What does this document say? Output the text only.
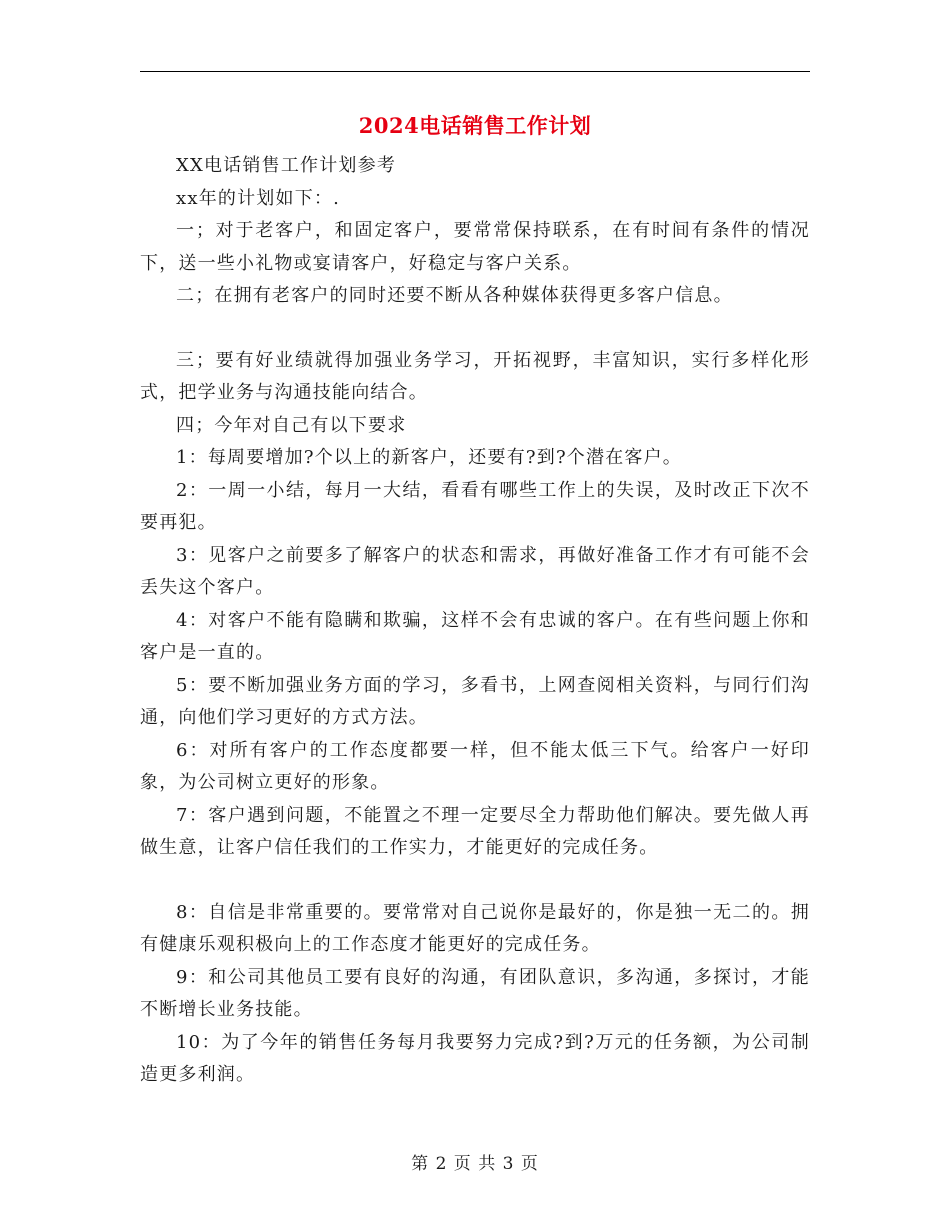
2024电话销售工作计划

XX电话销售工作计划参考

xx年的计划如下：.

一；对于老客户，和固定客户，要常常保持联系，在有时间有条件的情况下，送一些小礼物或宴请客户，好稳定与客户关系。

二；在拥有老客户的同时还要不断从各种媒体获得更多客户信息。

三；要有好业绩就得加强业务学习，开拓视野，丰富知识，实行多样化形式，把学业务与沟通技能向结合。

四；今年对自己有以下要求

1：每周要增加?个以上的新客户，还要有?到?个潜在客户。

2：一周一小结，每月一大结，看看有哪些工作上的失误，及时改正下次不要再犯。

3：见客户之前要多了解客户的状态和需求，再做好准备工作才有可能不会丢失这个客户。

4：对客户不能有隐瞒和欺骗，这样不会有忠诚的客户。在有些问题上你和客户是一直的。

5：要不断加强业务方面的学习，多看书，上网查阅相关资料，与同行们沟通，向他们学习更好的方式方法。

6：对所有客户的工作态度都要一样，但不能太低三下气。给客户一好印象，为公司树立更好的形象。

7：客户遇到问题，不能置之不理一定要尽全力帮助他们解决。要先做人再做生意，让客户信任我们的工作实力，才能更好的完成任务。

8：自信是非常重要的。要常常对自己说你是最好的，你是独一无二的。拥有健康乐观积极向上的工作态度才能更好的完成任务。

9：和公司其他员工要有良好的沟通，有团队意识，多沟通，多探讨，才能不断增长业务技能。

10：为了今年的销售任务每月我要努力完成?到?万元的任务额，为公司制造更多利润。

第 2 页 共 3 页
